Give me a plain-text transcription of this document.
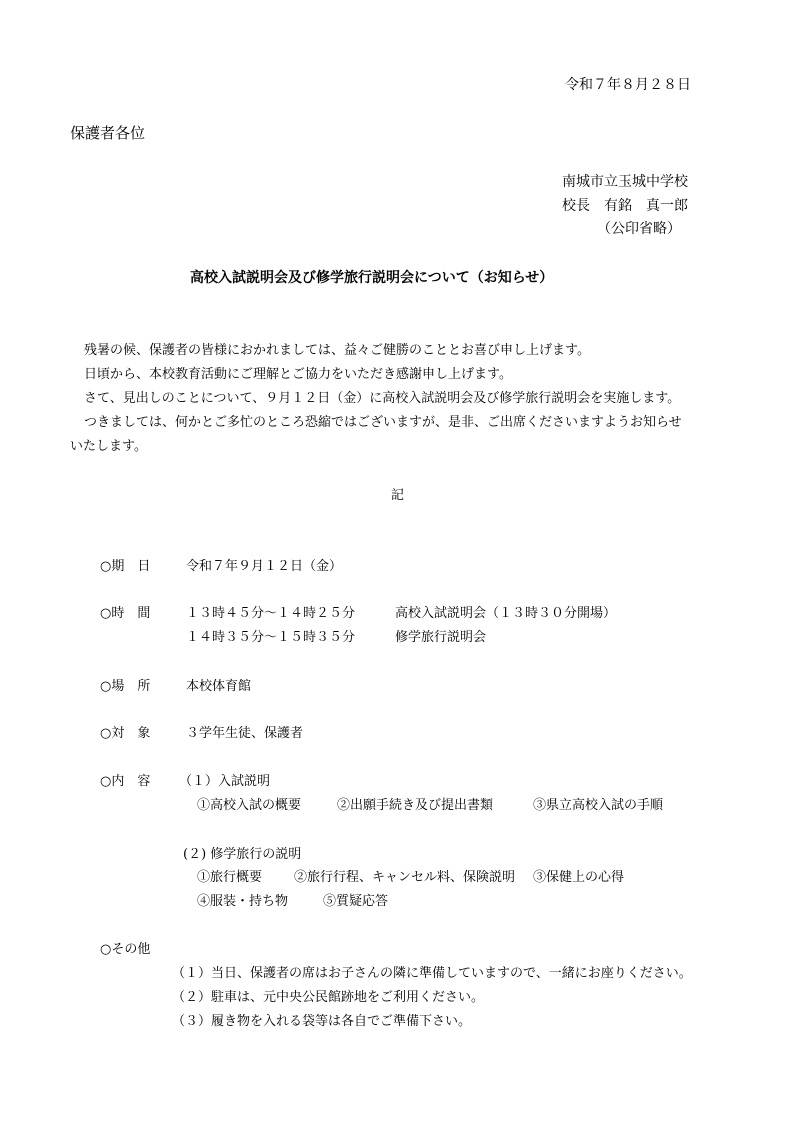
令和７年８月２８日
保護者各位
南城市立玉城中学校
校長　有銘　真一郎
（公印省略）
高校入試説明会及び修学旅行説明会について（お知らせ）
残暑の候、保護者の皆様におかれましては、益々ご健勝のこととお喜び申し上げます。
日頃から、本校教育活動にご理解とご協力をいただき感謝申し上げます。
さて、見出しのことについて、９月１２日（金）に高校入試説明会及び修学旅行説明会を実施します。
つきましては、何かとご多忙のところ恐縮ではございますが、是非、ご出席くださいますようお知らせ
いたします。
記
○期　日	令和７年９月１２日（金）
○時　間	１３時４５分～１４時２５分	高校入試説明会（１３時３０分開場）
１４時３５分～１５時３５分	修学旅行説明会
○場　所	本校体育館
○対　象	３学年生徒、保護者
○内　容 （１）入試説明
①高校入試の概要	②出願手続き及び提出書類	③県立高校入試の手順
(２) 修学旅行の説明
①旅行概要 ②旅行行程、キャンセル料、保険説明 ③保健上の心得
④服装・持ち物	⑤質疑応答
○その他
（１）当日、保護者の席はお子さんの隣に準備していますので、一緒にお座りください。
（２）駐車は、元中央公民館跡地をご利用ください。
（３）履き物を入れる袋等は各自でご準備下さい。
